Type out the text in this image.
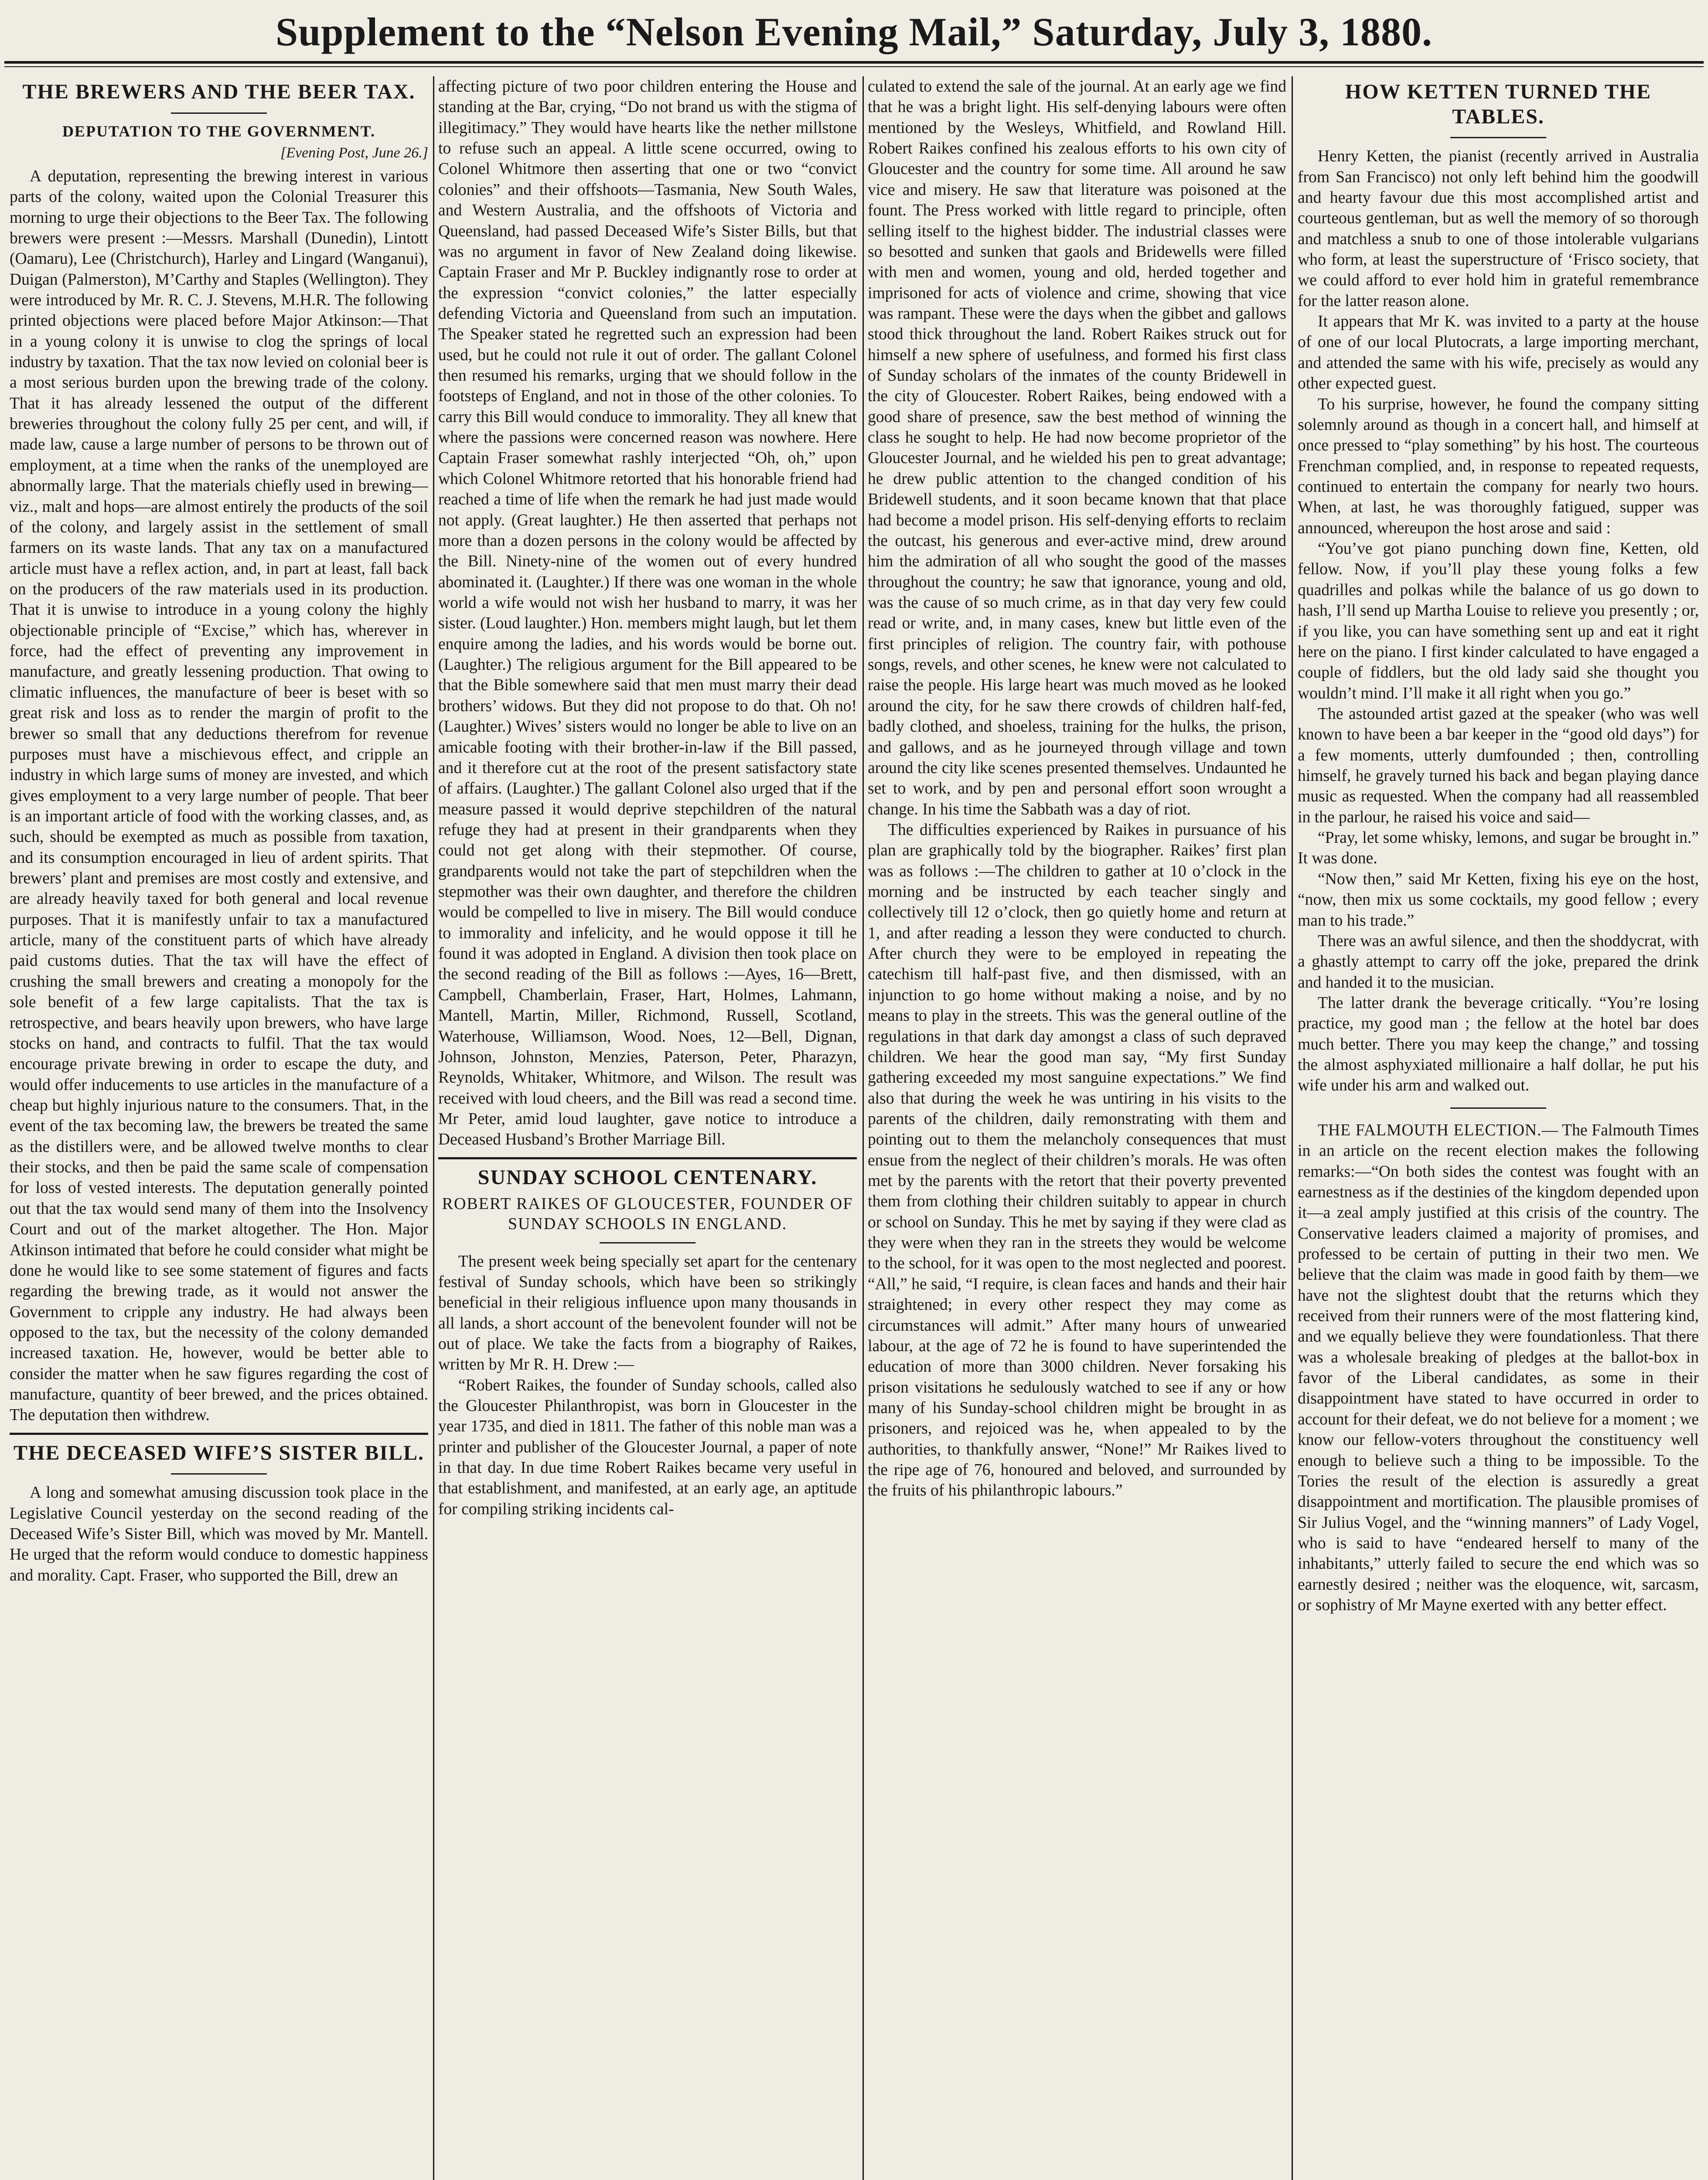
Supplement to the “Nelson Evening Mail,” Saturday, July 3, 1880.
THE BREWERS AND THE BEER TAX.
DEPUTATION TO THE GOVERNMENT.
[Evening Post, June 26.]

A deputation, representing the brewing interest in various parts of the colony, waited upon the Colonial Treasurer this morning to urge their objections to the Beer Tax. The following brewers were present :—Messrs. Marshall (Dunedin), Lintott (Oamaru), Lee (Christchurch), Harley and Lingard (Wanganui), Duigan (Palmerston), M’Carthy and Staples (Wellington). They were introduced by Mr. R. C. J. Stevens, M.H.R. The following printed objections were placed before Major Atkinson:—That in a young colony it is unwise to clog the springs of local industry by taxation. That the tax now levied on colonial beer is a most serious burden upon the brewing trade of the colony. That it has already lessened the output of the different breweries throughout the colony fully 25 per cent, and will, if made law, cause a large number of persons to be thrown out of employment, at a time when the ranks of the unemployed are abnormally large. That the materials chiefly used in brewing—viz., malt and hops—are almost entirely the products of the soil of the colony, and largely assist in the settlement of small farmers on its waste lands. That any tax on a manufactured article must have a reflex action, and, in part at least, fall back on the producers of the raw materials used in its production. That it is unwise to introduce in a young colony the highly objectionable principle of “Excise,” which has, wherever in force, had the effect of preventing any improvement in manufacture, and greatly lessening production. That owing to climatic influences, the manufacture of beer is beset with so great risk and loss as to render the margin of profit to the brewer so small that any deductions therefrom for revenue purposes must have a mischievous effect, and cripple an industry in which large sums of money are invested, and which gives employment to a very large number of people. That beer is an important article of food with the working classes, and, as such, should be exempted as much as possible from taxation, and its consumption encouraged in lieu of ardent spirits. That brewers’ plant and premises are most costly and extensive, and are already heavily taxed for both general and local revenue purposes. That it is manifestly unfair to tax a manufactured article, many of the constituent parts of which have already paid customs duties. That the tax will have the effect of crushing the small brewers and creating a monopoly for the sole benefit of a few large capitalists. That the tax is retrospective, and bears heavily upon brewers, who have large stocks on hand, and contracts to fulfil. That the tax would encourage private brewing in order to escape the duty, and would offer inducements to use articles in the manufacture of a cheap but highly injurious nature to the consumers. That, in the event of the tax becoming law, the brewers be treated the same as the distillers were, and be allowed twelve months to clear their stocks, and then be paid the same scale of compensation for loss of vested interests. The deputation generally pointed out that the tax would send many of them into the Insolvency Court and out of the market altogether. The Hon. Major Atkinson intimated that before he could consider what might be done he would like to see some statement of figures and facts regarding the brewing trade, as it would not answer the Government to cripple any industry. He had always been opposed to the tax, but the necessity of the colony demanded increased taxation. He, however, would be better able to consider the matter when he saw figures regarding the cost of manufacture, quantity of beer brewed, and the prices obtained. The deputation then withdrew.

THE DECEASED WIFE’S SISTER BILL.

A long and somewhat amusing discussion took place in the Legislative Council yesterday on the second reading of the Deceased Wife’s Sister Bill, which was moved by Mr. Mantell. He urged that the reform would conduce to domestic happiness and morality. Capt. Fraser, who supported the Bill, drew an

affecting picture of two poor children entering the House and standing at the Bar, crying, “Do not brand us with the stigma of illegitimacy.” They would have hearts like the nether millstone to refuse such an appeal. A little scene occurred, owing to Colonel Whitmore then asserting that one or two “convict colonies” and their offshoots—Tasmania, New South Wales, and Western Australia, and the offshoots of Victoria and Queensland, had passed Deceased Wife’s Sister Bills, but that was no argument in favor of New Zealand doing likewise. Captain Fraser and Mr P. Buckley indignantly rose to order at the expression “convict colonies,” the latter especially defending Victoria and Queensland from such an imputation. The Speaker stated he regretted such an expression had been used, but he could not rule it out of order. The gallant Colonel then resumed his remarks, urging that we should follow in the footsteps of England, and not in those of the other colonies. To carry this Bill would conduce to immorality. They all knew that where the passions were concerned reason was nowhere. Here Captain Fraser somewhat rashly interjected “Oh, oh,” upon which Colonel Whitmore retorted that his honorable friend had reached a time of life when the remark he had just made would not apply. (Great laughter.) He then asserted that perhaps not more than a dozen persons in the colony would be affected by the Bill. Ninety-nine of the women out of every hundred abominated it. (Laughter.) If there was one woman in the whole world a wife would not wish her husband to marry, it was her sister. (Loud laughter.) Hon. members might laugh, but let them enquire among the ladies, and his words would be borne out. (Laughter.) The religious argument for the Bill appeared to be that the Bible somewhere said that men must marry their dead brothers’ widows. But they did not propose to do that. Oh no! (Laughter.) Wives’ sisters would no longer be able to live on an amicable footing with their brother-in-law if the Bill passed, and it therefore cut at the root of the present satisfactory state of affairs. (Laughter.) The gallant Colonel also urged that if the measure passed it would deprive stepchildren of the natural refuge they had at present in their grandparents when they could not get along with their stepmother. Of course, grandparents would not take the part of stepchildren when the stepmother was their own daughter, and therefore the children would be compelled to live in misery. The Bill would conduce to immorality and infelicity, and he would oppose it till he found it was adopted in England. A division then took place on the second reading of the Bill as follows :—Ayes, 16—Brett, Campbell, Chamberlain, Fraser, Hart, Holmes, Lahmann, Mantell, Martin, Miller, Richmond, Russell, Scotland, Waterhouse, Williamson, Wood. Noes, 12—Bell, Dignan, Johnson, Johnston, Menzies, Paterson, Peter, Pharazyn, Reynolds, Whitaker, Whitmore, and Wilson. The result was received with loud cheers, and the Bill was read a second time. Mr Peter, amid loud laughter, gave notice to introduce a Deceased Husband’s Brother Marriage Bill.

SUNDAY SCHOOL CENTENARY.
ROBERT RAIKES OF GLOUCESTER, FOUNDER OF SUNDAY SCHOOLS IN ENGLAND.

The present week being specially set apart for the centenary festival of Sunday schools, which have been so strikingly beneficial in their religious influence upon many thousands in all lands, a short account of the benevolent founder will not be out of place. We take the facts from a biography of Raikes, written by Mr R. H. Drew :—

“Robert Raikes, the founder of Sunday schools, called also the Gloucester Philanthropist, was born in Gloucester in the year 1735, and died in 1811. The father of this noble man was a printer and publisher of the Gloucester Journal, a paper of note in that day. In due time Robert Raikes became very useful in that establishment, and manifested, at an early age, an aptitude for compiling striking incidents cal-

culated to extend the sale of the journal. At an early age we find that he was a bright light. His self-denying labours were often mentioned by the Wesleys, Whitfield, and Rowland Hill. Robert Raikes confined his zealous efforts to his own city of Gloucester and the country for some time. All around he saw vice and misery. He saw that literature was poisoned at the fount. The Press worked with little regard to principle, often selling itself to the highest bidder. The industrial classes were so besotted and sunken that gaols and Bridewells were filled with men and women, young and old, herded together and imprisoned for acts of violence and crime, showing that vice was rampant. These were the days when the gibbet and gallows stood thick throughout the land. Robert Raikes struck out for himself a new sphere of usefulness, and formed his first class of Sunday scholars of the inmates of the county Bridewell in the city of Gloucester. Robert Raikes, being endowed with a good share of presence, saw the best method of winning the class he sought to help. He had now become proprietor of the Gloucester Journal, and he wielded his pen to great advantage; he drew public attention to the changed condition of his Bridewell students, and it soon became known that that place had become a model prison. His self-denying efforts to reclaim the outcast, his generous and ever-active mind, drew around him the admiration of all who sought the good of the masses throughout the country; he saw that ignorance, young and old, was the cause of so much crime, as in that day very few could read or write, and, in many cases, knew but little even of the first principles of religion. The country fair, with pothouse songs, revels, and other scenes, he knew were not calculated to raise the people. His large heart was much moved as he looked around the city, for he saw there crowds of children half-fed, badly clothed, and shoeless, training for the hulks, the prison, and gallows, and as he journeyed through village and town around the city like scenes presented themselves. Undaunted he set to work, and by pen and personal effort soon wrought a change. In his time the Sabbath was a day of riot.

The difficulties experienced by Raikes in pursuance of his plan are graphically told by the biographer. Raikes’ first plan was as follows :—The children to gather at 10 o’clock in the morning and be instructed by each teacher singly and collectively till 12 o’clock, then go quietly home and return at 1, and after reading a lesson they were conducted to church. After church they were to be employed in repeating the catechism till half-past five, and then dismissed, with an injunction to go home without making a noise, and by no means to play in the streets. This was the general outline of the regulations in that dark day amongst a class of such depraved children. We hear the good man say, “My first Sunday gathering exceeded my most sanguine expectations.” We find also that during the week he was untiring in his visits to the parents of the children, daily remonstrating with them and pointing out to them the melancholy consequences that must ensue from the neglect of their children’s morals. He was often met by the parents with the retort that their poverty prevented them from clothing their children suitably to appear in church or school on Sunday. This he met by saying if they were clad as they were when they ran in the streets they would be welcome to the school, for it was open to the most neglected and poorest. “All,” he said, “I require, is clean faces and hands and their hair straightened; in every other respect they may come as circumstances will admit.” After many hours of unwearied labour, at the age of 72 he is found to have superintended the education of more than 3000 children. Never forsaking his prison visitations he sedulously watched to see if any or how many of his Sunday-school children might be brought in as prisoners, and rejoiced was he, when appealed to by the authorities, to thankfully answer, “None!” Mr Raikes lived to the ripe age of 76, honoured and beloved, and surrounded by the fruits of his philanthropic labours.”

HOW KETTEN TURNED THE TABLES.

Henry Ketten, the pianist (recently arrived in Australia from San Francisco) not only left behind him the goodwill and hearty favour due this most accomplished artist and courteous gentleman, but as well the memory of so thorough and matchless a snub to one of those intolerable vulgarians who form, at least the superstructure of ‘Frisco society, that we could afford to ever hold him in grateful remembrance for the latter reason alone.

It appears that Mr K. was invited to a party at the house of one of our local Plutocrats, a large importing merchant, and attended the same with his wife, precisely as would any other expected guest.

To his surprise, however, he found the company sitting solemnly around as though in a concert hall, and himself at once pressed to “play something” by his host. The courteous Frenchman complied, and, in response to repeated requests, continued to entertain the company for nearly two hours. When, at last, he was thoroughly fatigued, supper was announced, whereupon the host arose and said :

“You’ve got piano punching down fine, Ketten, old fellow. Now, if you’ll play these young folks a few quadrilles and polkas while the balance of us go down to hash, I’ll send up Martha Louise to relieve you presently ; or, if you like, you can have something sent up and eat it right here on the piano. I first kinder calculated to have engaged a couple of fiddlers, but the old lady said she thought you wouldn’t mind. I’ll make it all right when you go.”

The astounded artist gazed at the speaker (who was well known to have been a bar keeper in the “good old days”) for a few moments, utterly dumfounded ; then, controlling himself, he gravely turned his back and began playing dance music as requested. When the company had all reassembled in the parlour, he raised his voice and said—

“Pray, let some whisky, lemons, and sugar be brought in.” It was done.

“Now then,” said Mr Ketten, fixing his eye on the host, “now, then mix us some cocktails, my good fellow ; every man to his trade.”

There was an awful silence, and then the shoddycrat, with a ghastly attempt to carry off the joke, prepared the drink and handed it to the musician.

The latter drank the beverage critically. “You’re losing practice, my good man ; the fellow at the hotel bar does much better. There you may keep the change,” and tossing the almost asphyxiated millionaire a half dollar, he put his wife under his arm and walked out.

THE FALMOUTH ELECTION.— The Falmouth Times in an article on the recent election makes the following remarks:—“On both sides the contest was fought with an earnestness as if the destinies of the kingdom depended upon it—a zeal amply justified at this crisis of the country. The Conservative leaders claimed a majority of promises, and professed to be certain of putting in their two men. We believe that the claim was made in good faith by them—we have not the slightest doubt that the returns which they received from their runners were of the most flattering kind, and we equally believe they were foundationless. That there was a wholesale breaking of pledges at the ballot-box in favor of the Liberal candidates, as some in their disappointment have stated to have occurred in order to account for their defeat, we do not believe for a moment ; we know our fellow-voters throughout the constituency well enough to believe such a thing to be impossible. To the Tories the result of the election is assuredly a great disappointment and mortification. The plausible promises of Sir Julius Vogel, and the “winning manners” of Lady Vogel, who is said to have “endeared herself to many of the inhabitants,” utterly failed to secure the end which was so earnestly desired ; neither was the eloquence, wit, sarcasm, or sophistry of Mr Mayne exerted with any better effect.
